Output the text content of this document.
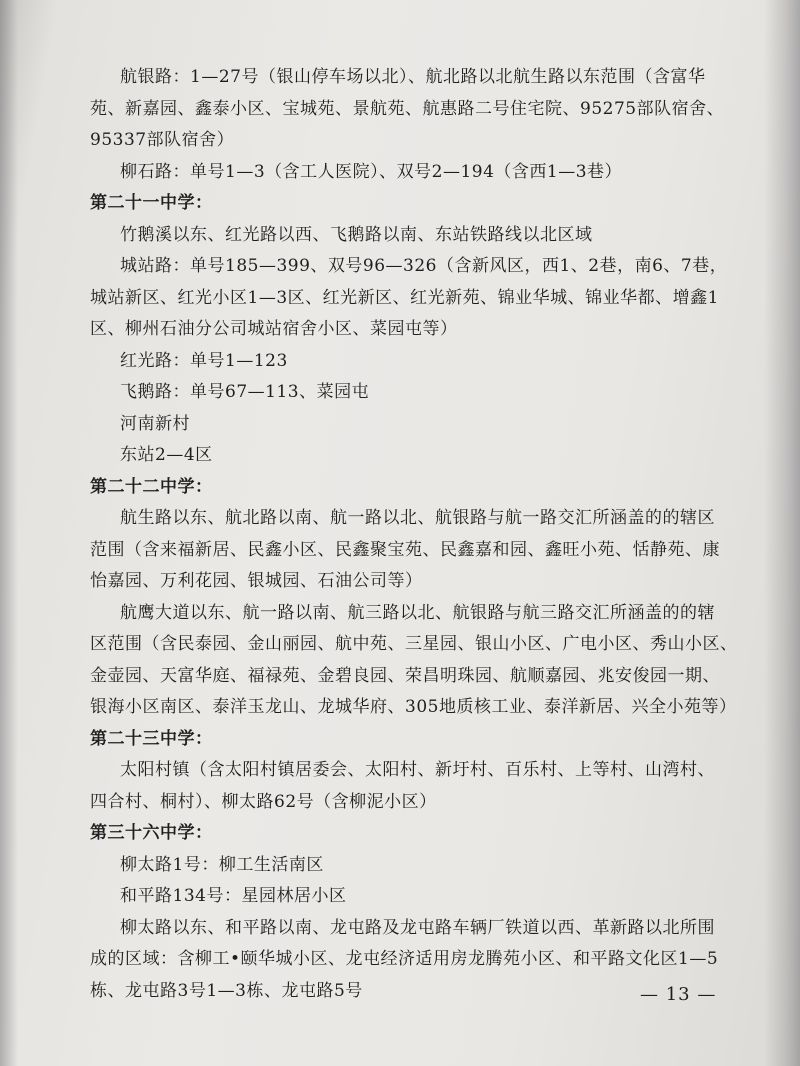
航银路：1—27号（银山停车场以北）、航北路以北航生路以东范围（含富华
苑、新嘉园、鑫泰小区、宝城苑、景航苑、航惠路二号住宅院、95275部队宿舍、
95337部队宿舍）
柳石路：单号1—3（含工人医院）、双号2—194（含西1—3巷）
第二十一中学：
竹鹅溪以东、红光路以西、飞鹅路以南、东站铁路线以北区域
城站路：单号185—399、双号96—326（含新风区，西1、2巷，南6、7巷，
城站新区、红光小区1—3区、红光新区、红光新苑、锦业华城、锦业华都、增鑫1
区、柳州石油分公司城站宿舍小区、菜园屯等）
红光路：单号1—123
飞鹅路：单号67—113、菜园屯
河南新村
东站2—4区
第二十二中学：
航生路以东、航北路以南、航一路以北、航银路与航一路交汇所涵盖的的辖区
范围（含来福新居、民鑫小区、民鑫聚宝苑、民鑫嘉和园、鑫旺小苑、恬静苑、康
怡嘉园、万利花园、银城园、石油公司等）
航鹰大道以东、航一路以南、航三路以北、航银路与航三路交汇所涵盖的的辖
区范围（含民泰园、金山丽园、航中苑、三星园、银山小区、广电小区、秀山小区、
金壶园、天富华庭、福禄苑、金碧良园、荣昌明珠园、航顺嘉园、兆安俊园一期、
银海小区南区、泰洋玉龙山、龙城华府、305地质核工业、泰洋新居、兴全小苑等）
第二十三中学：
太阳村镇（含太阳村镇居委会、太阳村、新圩村、百乐村、上等村、山湾村、
四合村、桐村）、柳太路62号（含柳泥小区）
第三十六中学：
柳太路1号：柳工生活南区
和平路134号：星园林居小区
柳太路以东、和平路以南、龙屯路及龙屯路车辆厂铁道以西、革新路以北所围
成的区域：含柳工•颐华城小区、龙屯经济适用房龙腾苑小区、和平路文化区1—5
栋、龙屯路3号1—3栋、龙屯路5号	— 13 —
